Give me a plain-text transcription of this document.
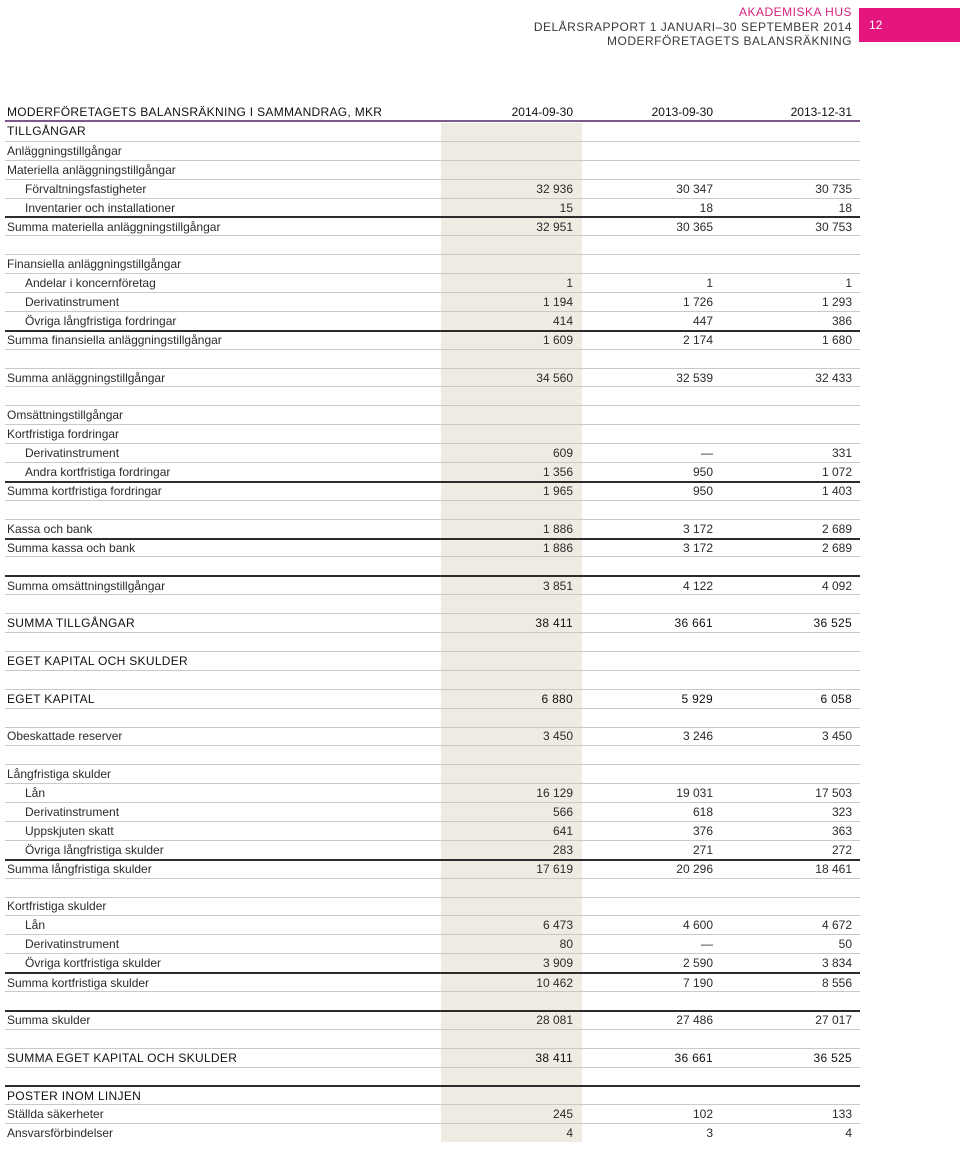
AKADEMISKA HUS
DELÅRSRAPPORT 1 JANUARI–30 SEPTEMBER 2014
MODERFÖRETAGETS BALANSRÄKNING
12
MODERFÖRETAGETS BALANSRÄKNING I SAMMANDRAG, MKR	2014-09-30	2013-09-30	2013-12-31
TILLGÅNGAR
Anläggningstillgångar
Materiella anläggningstillgångar
Förvaltningsfastigheter	32 936	30 347	30 735
Inventarier och installationer	15	18	18
Summa materiella anläggningstillgångar	32 951	30 365	30 753
Finansiella anläggningstillgångar
Andelar i koncernföretag	1	1	1
Derivatinstrument	1 194	1 726	1 293
Övriga långfristiga fordringar	414	447	386
Summa finansiella anläggningstillgångar	1 609	2 174	1 680
Summa anläggningstillgångar	34 560	32 539	32 433
Omsättningstillgångar
Kortfristiga fordringar
Derivatinstrument	609	—	331
Andra kortfristiga fordringar	1 356	950	1 072
Summa kortfristiga fordringar	1 965	950	1 403
Kassa och bank	1 886	3 172	2 689
Summa kassa och bank	1 886	3 172	2 689
Summa omsättningstillgångar	3 851	4 122	4 092
SUMMA TILLGÅNGAR	38 411	36 661	36 525
EGET KAPITAL OCH SKULDER
EGET KAPITAL	6 880	5 929	6 058
Obeskattade reserver	3 450	3 246	3 450
Långfristiga skulder
Lån	16 129	19 031	17 503
Derivatinstrument	566	618	323
Uppskjuten skatt	641	376	363
Övriga långfristiga skulder	283	271	272
Summa långfristiga skulder	17 619	20 296	18 461
Kortfristiga skulder
Lån	6 473	4 600	4 672
Derivatinstrument	80	—	50
Övriga kortfristiga skulder	3 909	2 590	3 834
Summa kortfristiga skulder	10 462	7 190	8 556
Summa skulder	28 081	27 486	27 017
SUMMA EGET KAPITAL OCH SKULDER	38 411	36 661	36 525
POSTER INOM LINJEN
Ställda säkerheter	245	102	133
Ansvarsförbindelser	4	3	4
